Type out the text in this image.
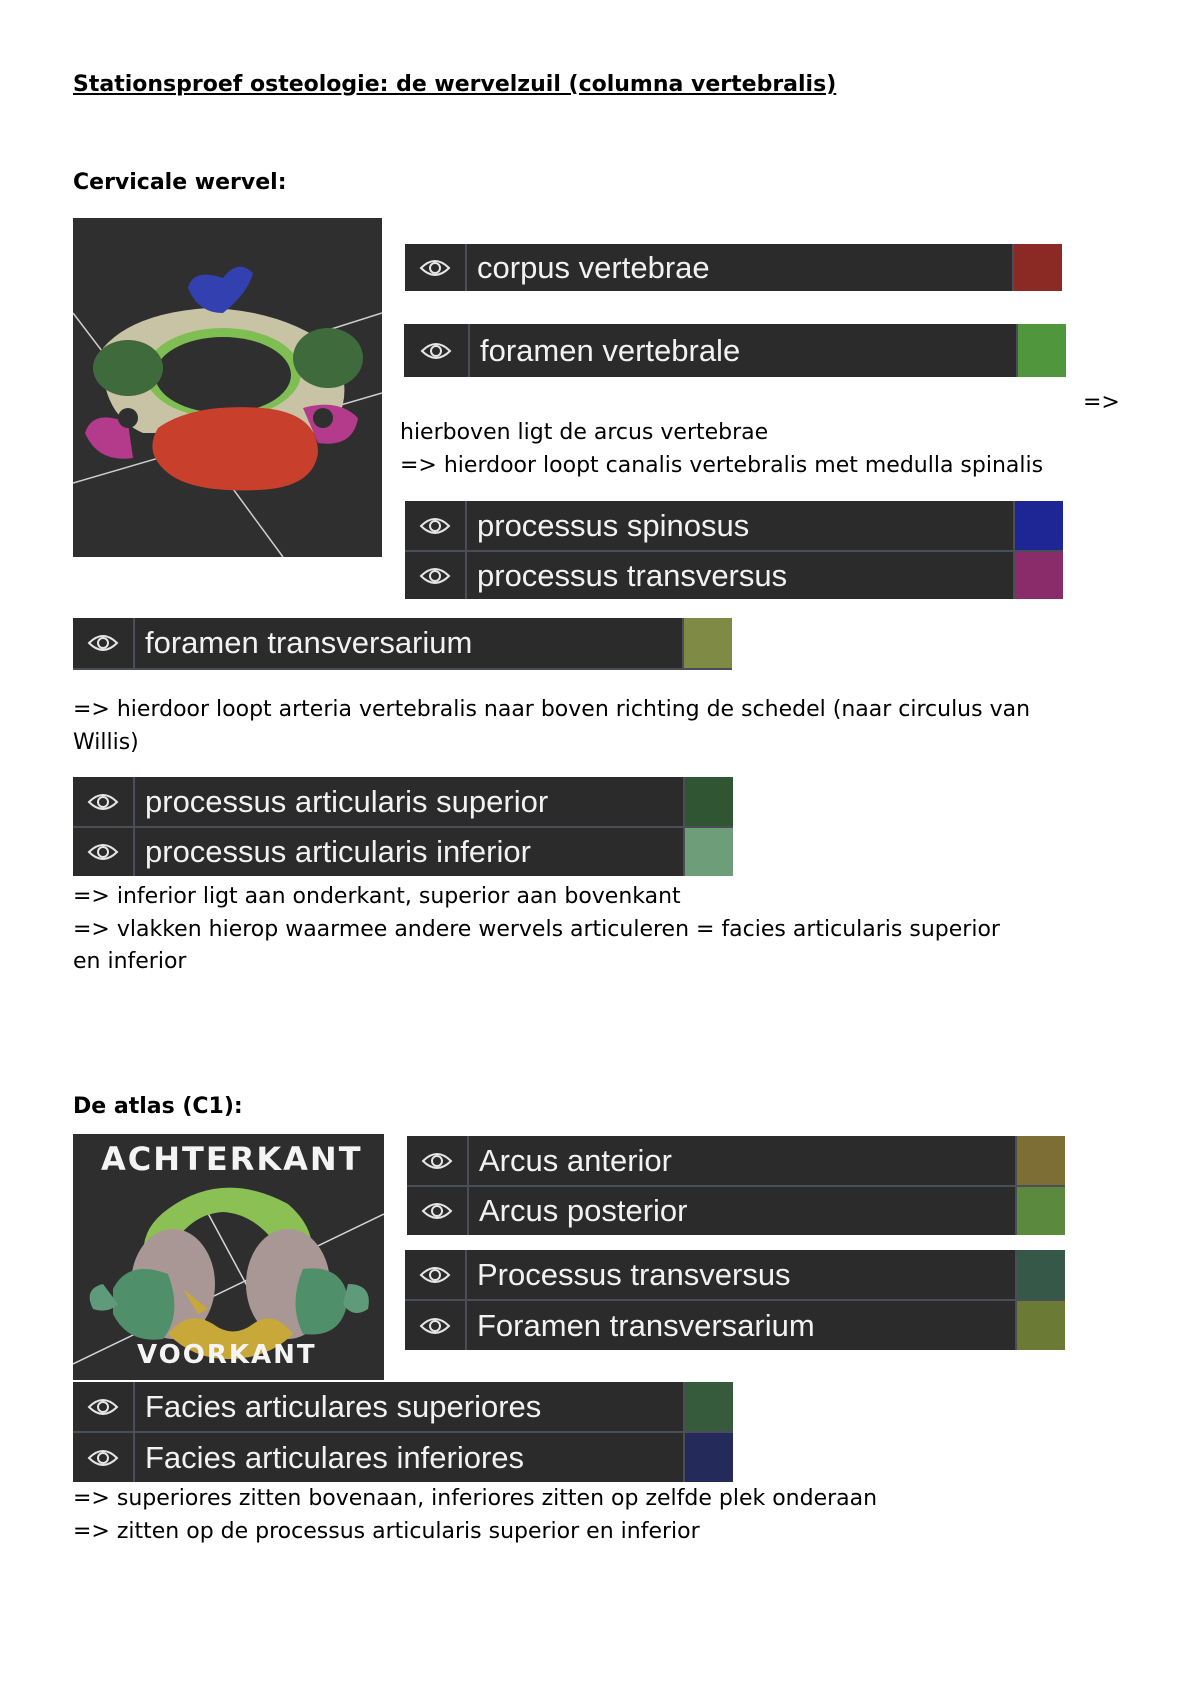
Stationsproef osteologie: de wervelzuil (columna vertebralis)
Cervicale wervel:
corpus vertebrae
foramen vertebrale
=>
hierboven ligt de arcus vertebrae
=> hierdoor loopt canalis vertebralis met medulla spinalis
processus spinosus
processus transversus
foramen transversarium
=> hierdoor loopt arteria vertebralis naar boven richting de schedel (naar circulus van
Willis)
processus articularis superior
processus articularis inferior
=> inferior ligt aan onderkant, superior aan bovenkant
=> vlakken hierop waarmee andere wervels articuleren = facies articularis superior
en inferior
De atlas (C1):
ACHTERKANT
VOORKANT
Arcus anterior
Arcus posterior
Processus transversus
Foramen transversarium
Facies articulares superiores
Facies articulares inferiores
=> superiores zitten bovenaan, inferiores zitten op zelfde plek onderaan
=> zitten op de processus articularis superior en inferior
